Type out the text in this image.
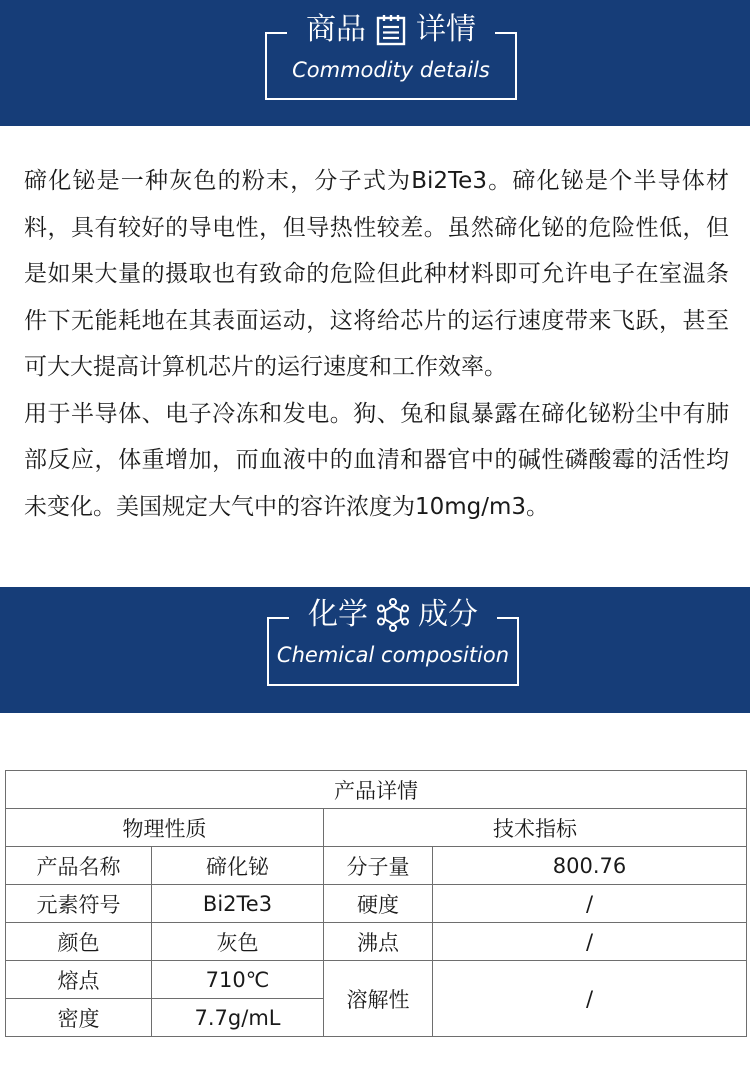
商品 详情
Commodity details

碲化铋是一种灰色的粉末，分子式为Bi2Te3。碲化铋是个半导体材料，具有较好的导电性，但导热性较差。虽然碲化铋的危险性低，但是如果大量的摄取也有致命的危险但此种材料即可允许电子在室温条件下无能耗地在其表面运动，这将给芯片的运行速度带来飞跃，甚至可大大提高计算机芯片的运行速度和工作效率。

用于半导体、电子冷冻和发电。狗、兔和鼠暴露在碲化铋粉尘中有肺部反应，体重增加，而血液中的血清和器官中的碱性磷酸霉的活性均未变化。美国规定大气中的容许浓度为10mg/m3。

化学 成分
Chemical composition
产品详情			
物理性质		技术指标	
产品名称	碲化铋	分子量	800.76
元素符号	Bi2Te3	硬度	/
颜色	灰色	沸点	/
熔点	710℃	溶解性	/
密度	7.7g/mL		
